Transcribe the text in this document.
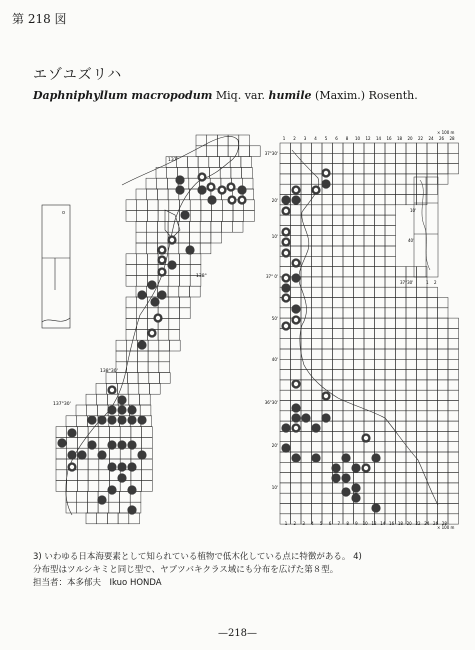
第 218 図
エゾユズリハ
Daphniphyllum macropodum Miq. var. humile (Maxim.) Rosenth.
137°
138°
138°30'
137°30'
o
1 2 3 4 5 6 8 10 12 14 16 18 20 22 24 26 28
1 2 3 4 5 6 7 8 9 10 12 14 16 18 20 22 24 26 28
37°30'
20'
10'
37° 0'
50'
40'
36°30'
20'
10'
× 100 m
× 100 m
10'
40'
37°30'	1 2
3) いわゆる日本海要素として知られている植物で低木化している点に特徴がある。 4)
分布型はツルシキミと同じ型で、ヤブツバキクラス域にも分布を広げた第８型。
担当者：本多郁夫　Ikuo HONDA
—218—
